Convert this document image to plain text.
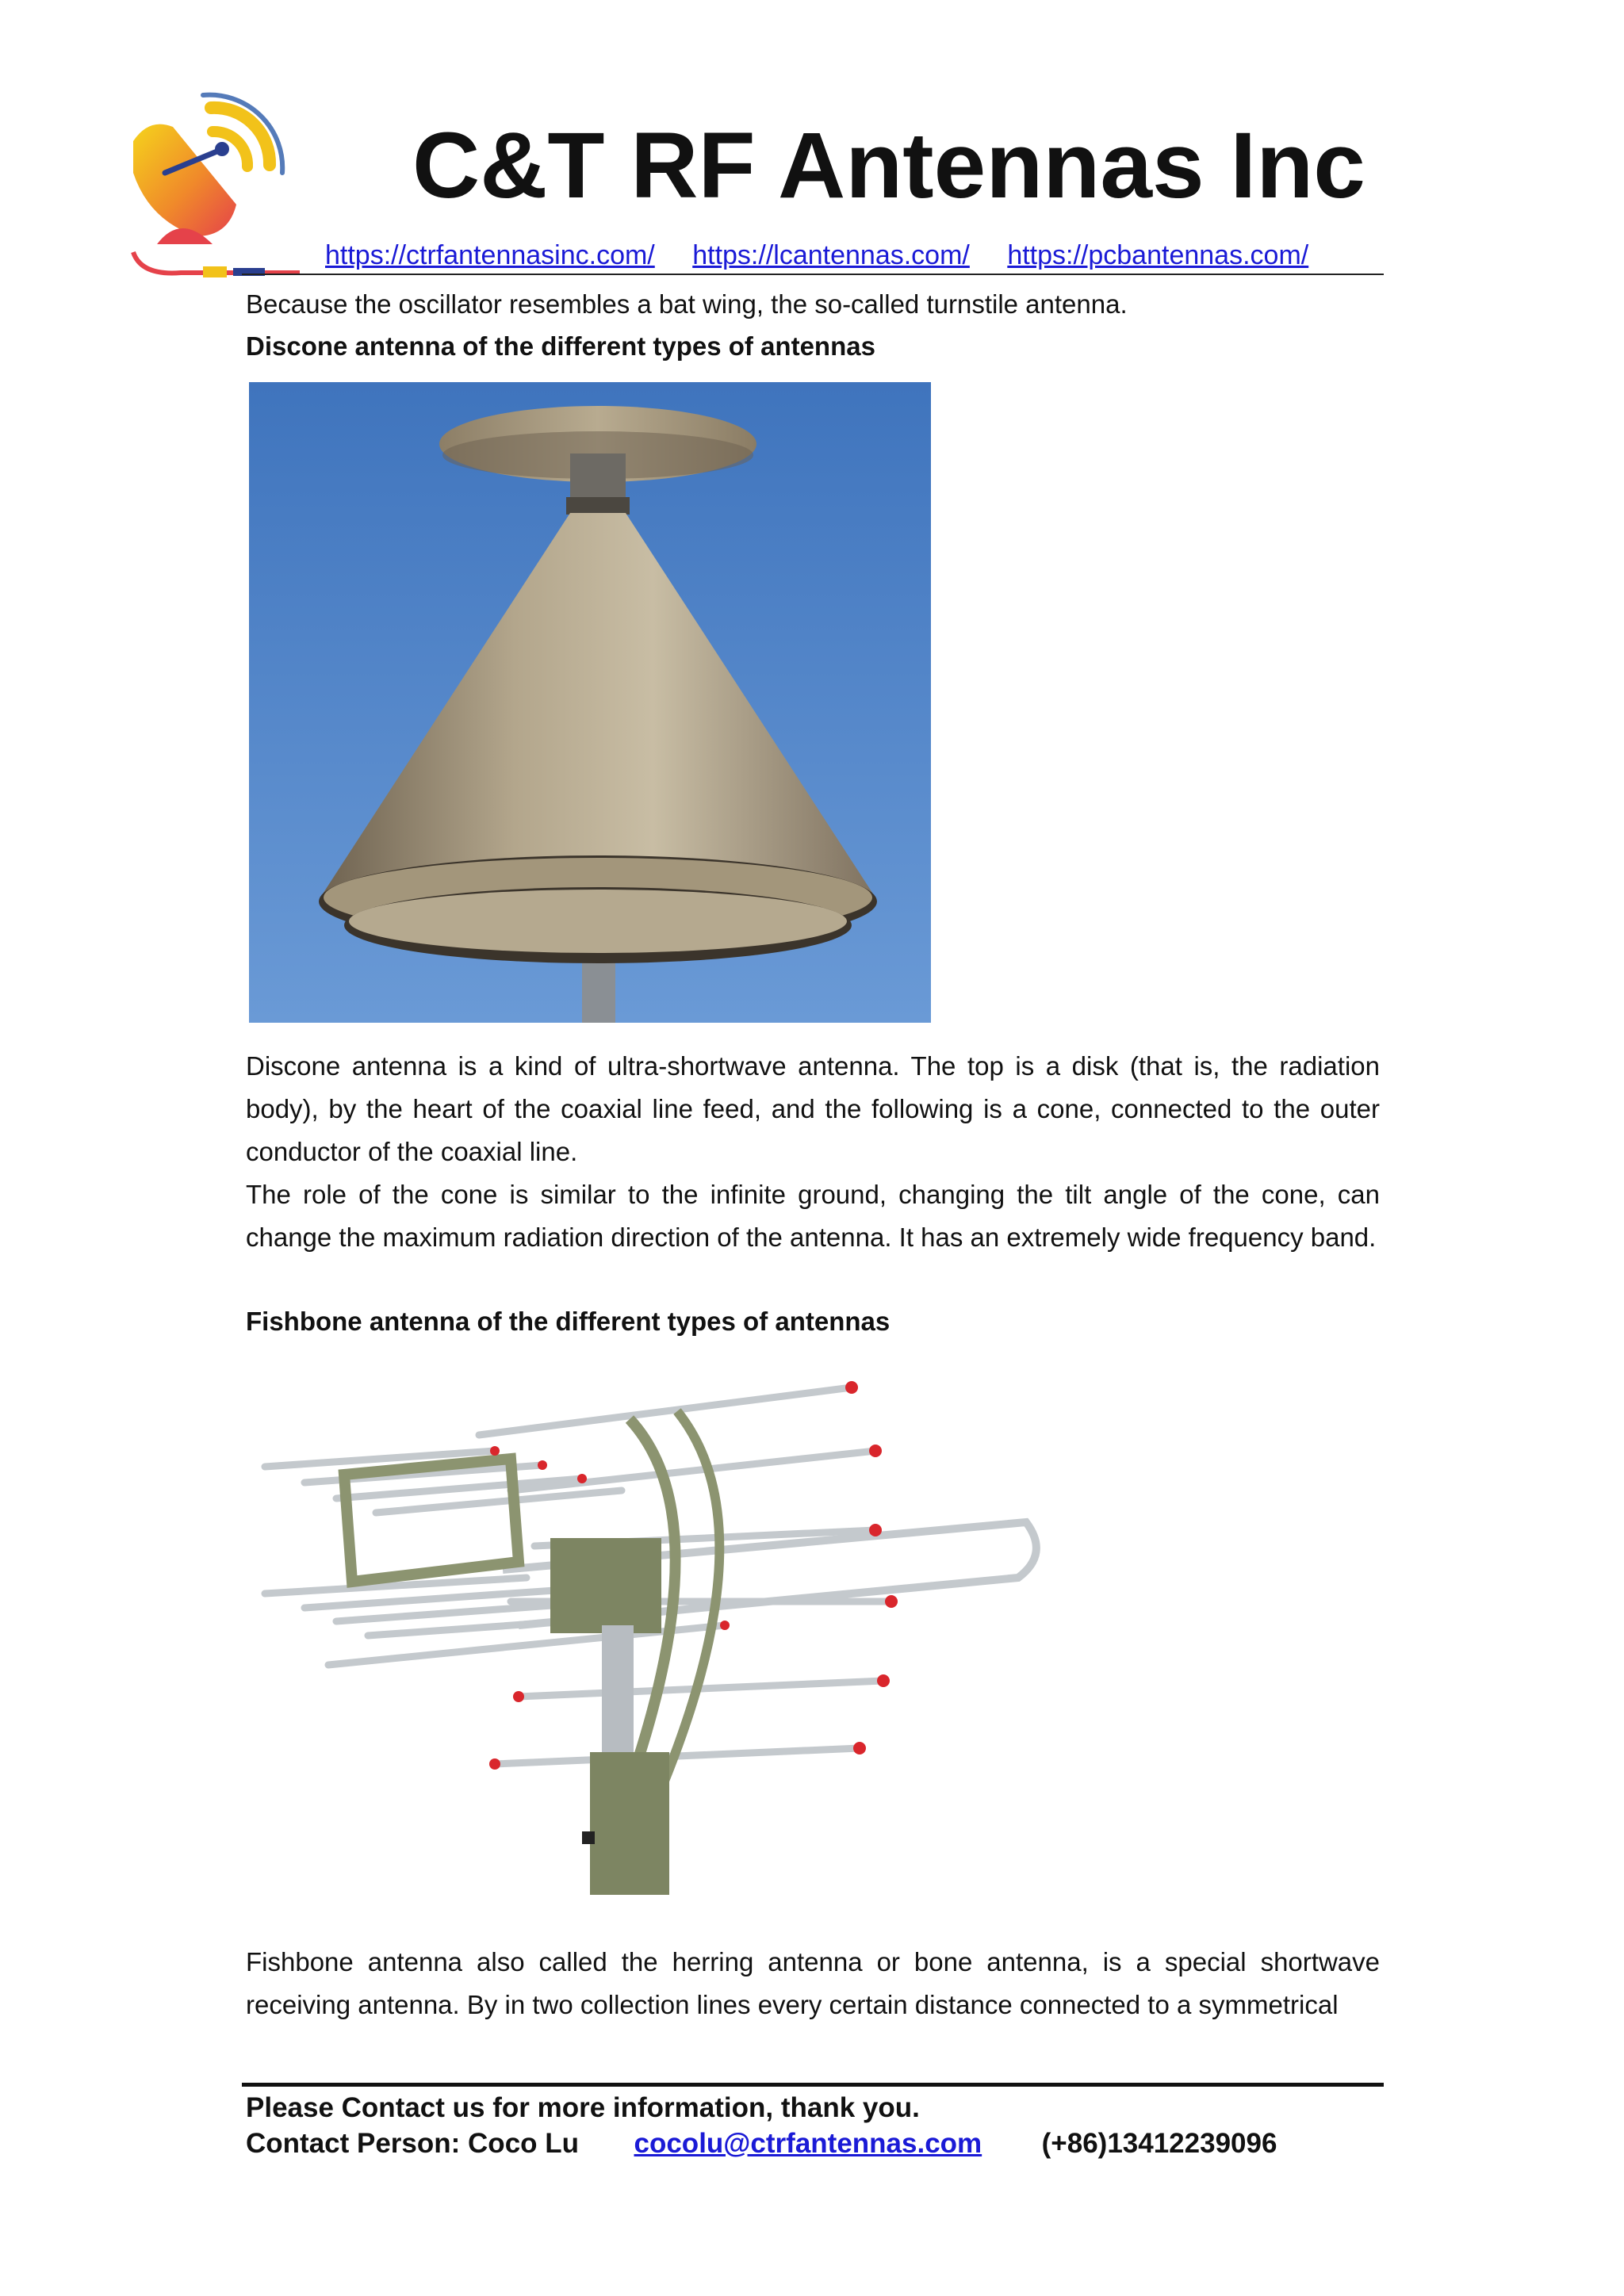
C&T RF Antennas Inc
https://ctrfantennasinc.com/ https://lcantennas.com/ https://pcbantennas.com/
Because the oscillator resembles a bat wing, the so-called turnstile antenna.
Discone antenna of the different types of antennas
Discone antenna is a kind of ultra-shortwave antenna. The top is a disk (that is, the radiation body), by the heart of the coaxial line feed, and the following is a cone, connected to the outer conductor of the coaxial line.
The role of the cone is similar to the infinite ground, changing the tilt angle of the cone, can change the maximum radiation direction of the antenna. It has an extremely wide frequency band.
Fishbone antenna of the different types of antennas
Fishbone antenna also called the herring antenna or bone antenna, is a special shortwave receiving antenna. By in two collection lines every certain distance connected to a symmetrical
Please Contact us for more information, thank you.
Contact Person: Coco Lu cocolu@ctrfantennas.com (+86)13412239096
